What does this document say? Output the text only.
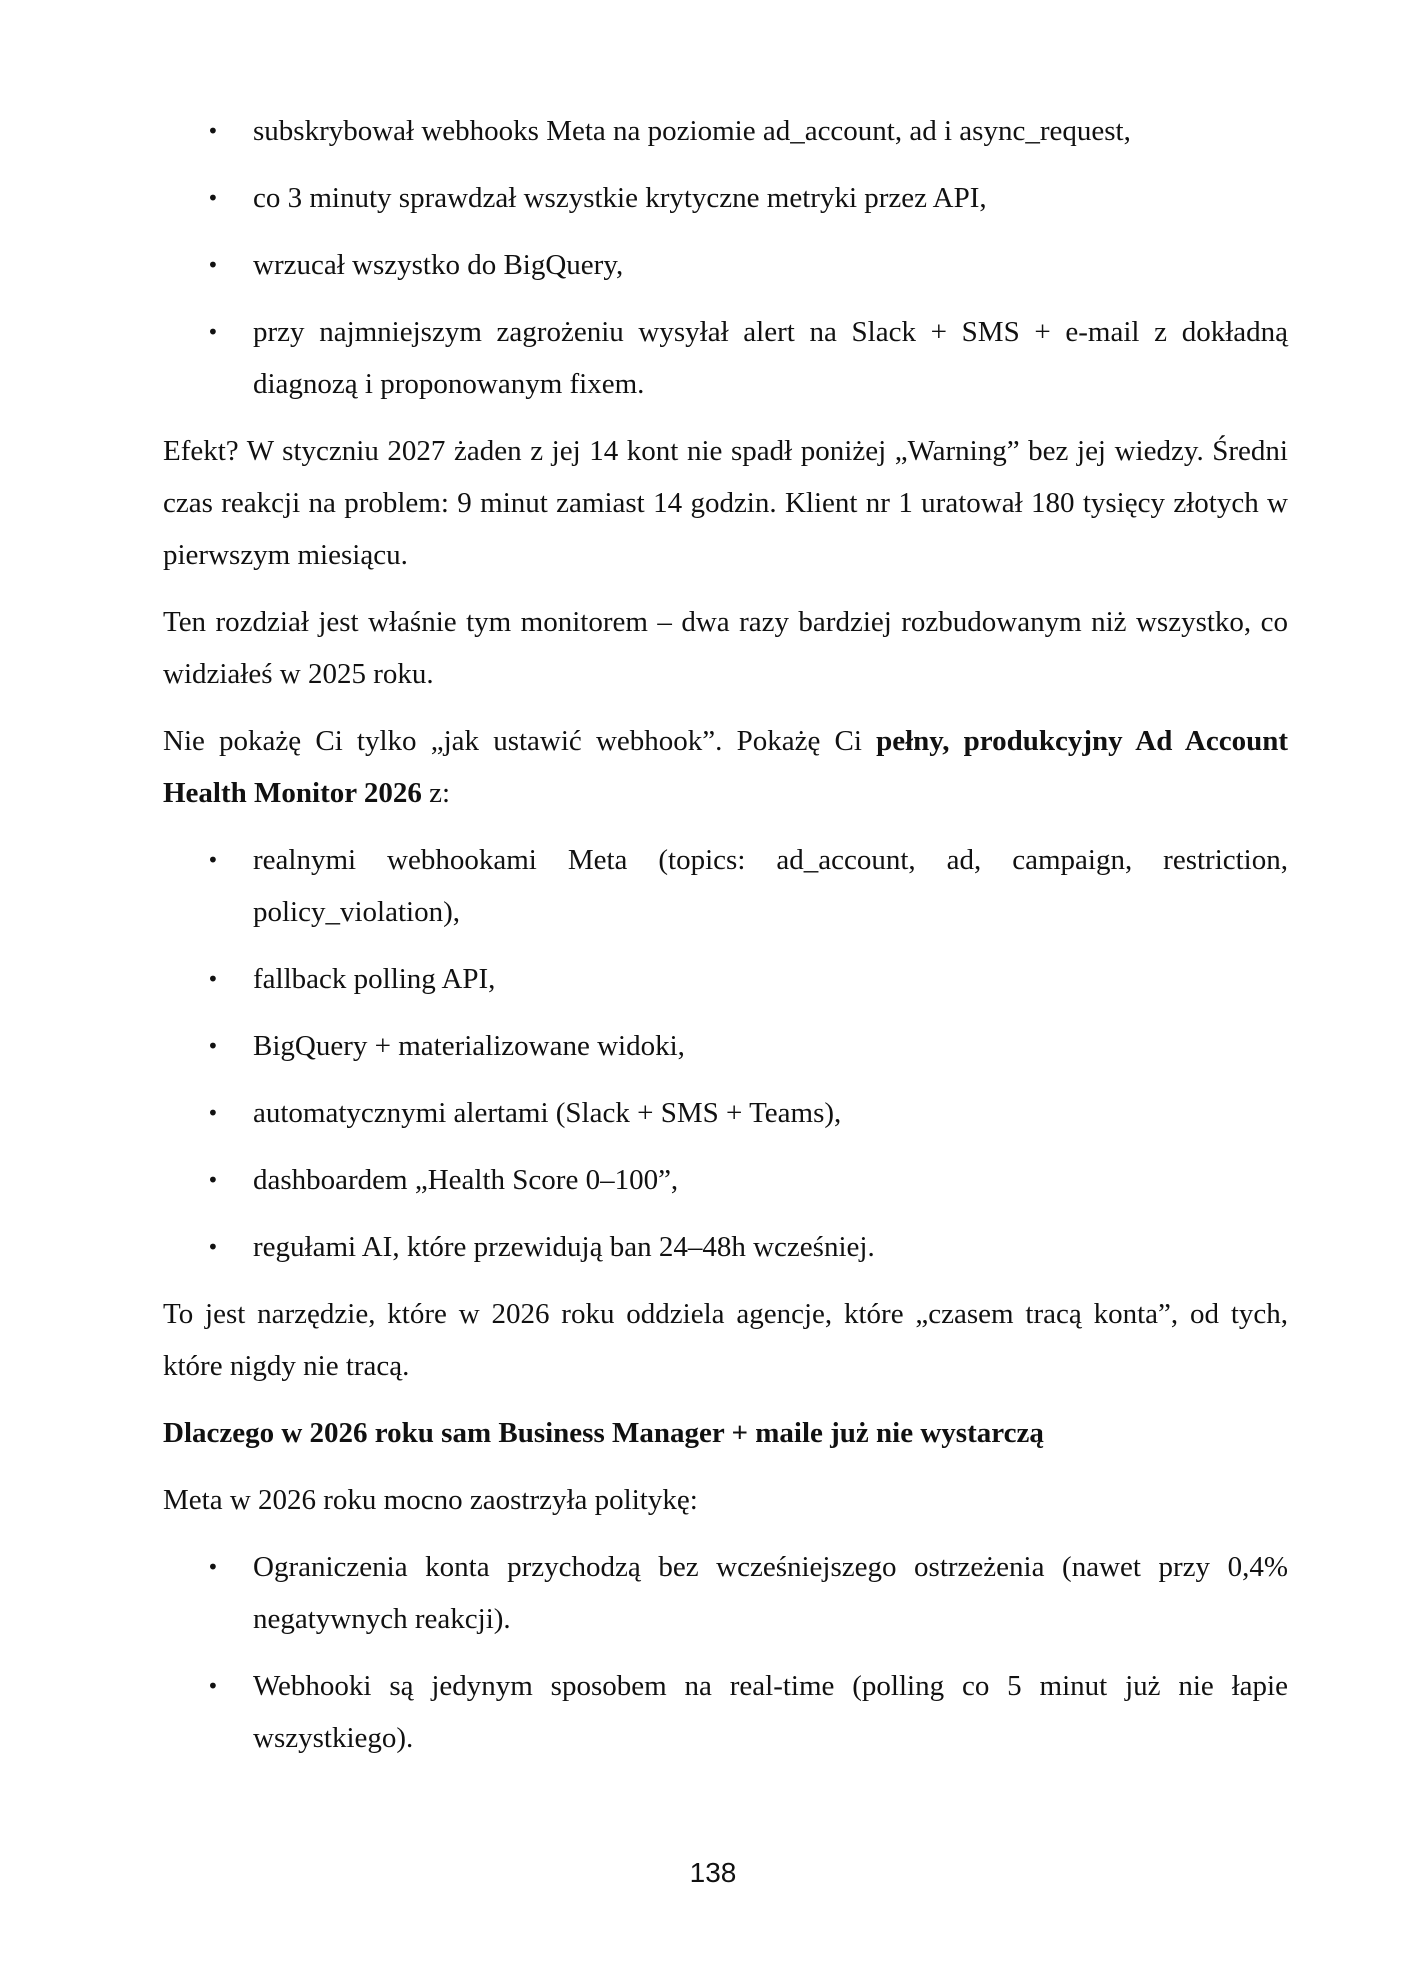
• subskrybował webhooks Meta na poziomie ad_account, ad i async_request,
• co 3 minuty sprawdzał wszystkie krytyczne metryki przez API,
• wrzucał wszystko do BigQuery,
• przy najmniejszym zagrożeniu wysyłał alert na Slack + SMS + e-mail z dokładną diagnozą i proponowanym fixem.

Efekt? W styczniu 2027 żaden z jej 14 kont nie spadł poniżej „Warning” bez jej wiedzy. Średni czas reakcji na problem: 9 minut zamiast 14 godzin. Klient nr 1 uratował 180 tysięcy złotych w pierwszym miesiącu.

Ten rozdział jest właśnie tym monitorem – dwa razy bardziej rozbudowanym niż wszystko, co widziałeś w 2025 roku.

Nie pokażę Ci tylko „jak ustawić webhook”. Pokażę Ci pełny, produkcyjny Ad Account Health Monitor 2026 z:

• realnymi webhookami Meta (topics: ad_account, ad, campaign, restriction, policy_violation),
• fallback polling API,
• BigQuery + materializowane widoki,
• automatycznymi alertami (Slack + SMS + Teams),
• dashboardem „Health Score 0–100”,
• regułami AI, które przewidują ban 24–48h wcześniej.

To jest narzędzie, które w 2026 roku oddziela agencje, które „czasem tracą konta”, od tych, które nigdy nie tracą.

Dlaczego w 2026 roku sam Business Manager + maile już nie wystarczą

Meta w 2026 roku mocno zaostrzyła politykę:

• Ograniczenia konta przychodzą bez wcześniejszego ostrzeżenia (nawet przy 0,4% negatywnych reakcji).
• Webhooki są jedynym sposobem na real-time (polling co 5 minut już nie łapie wszystkiego).
138
